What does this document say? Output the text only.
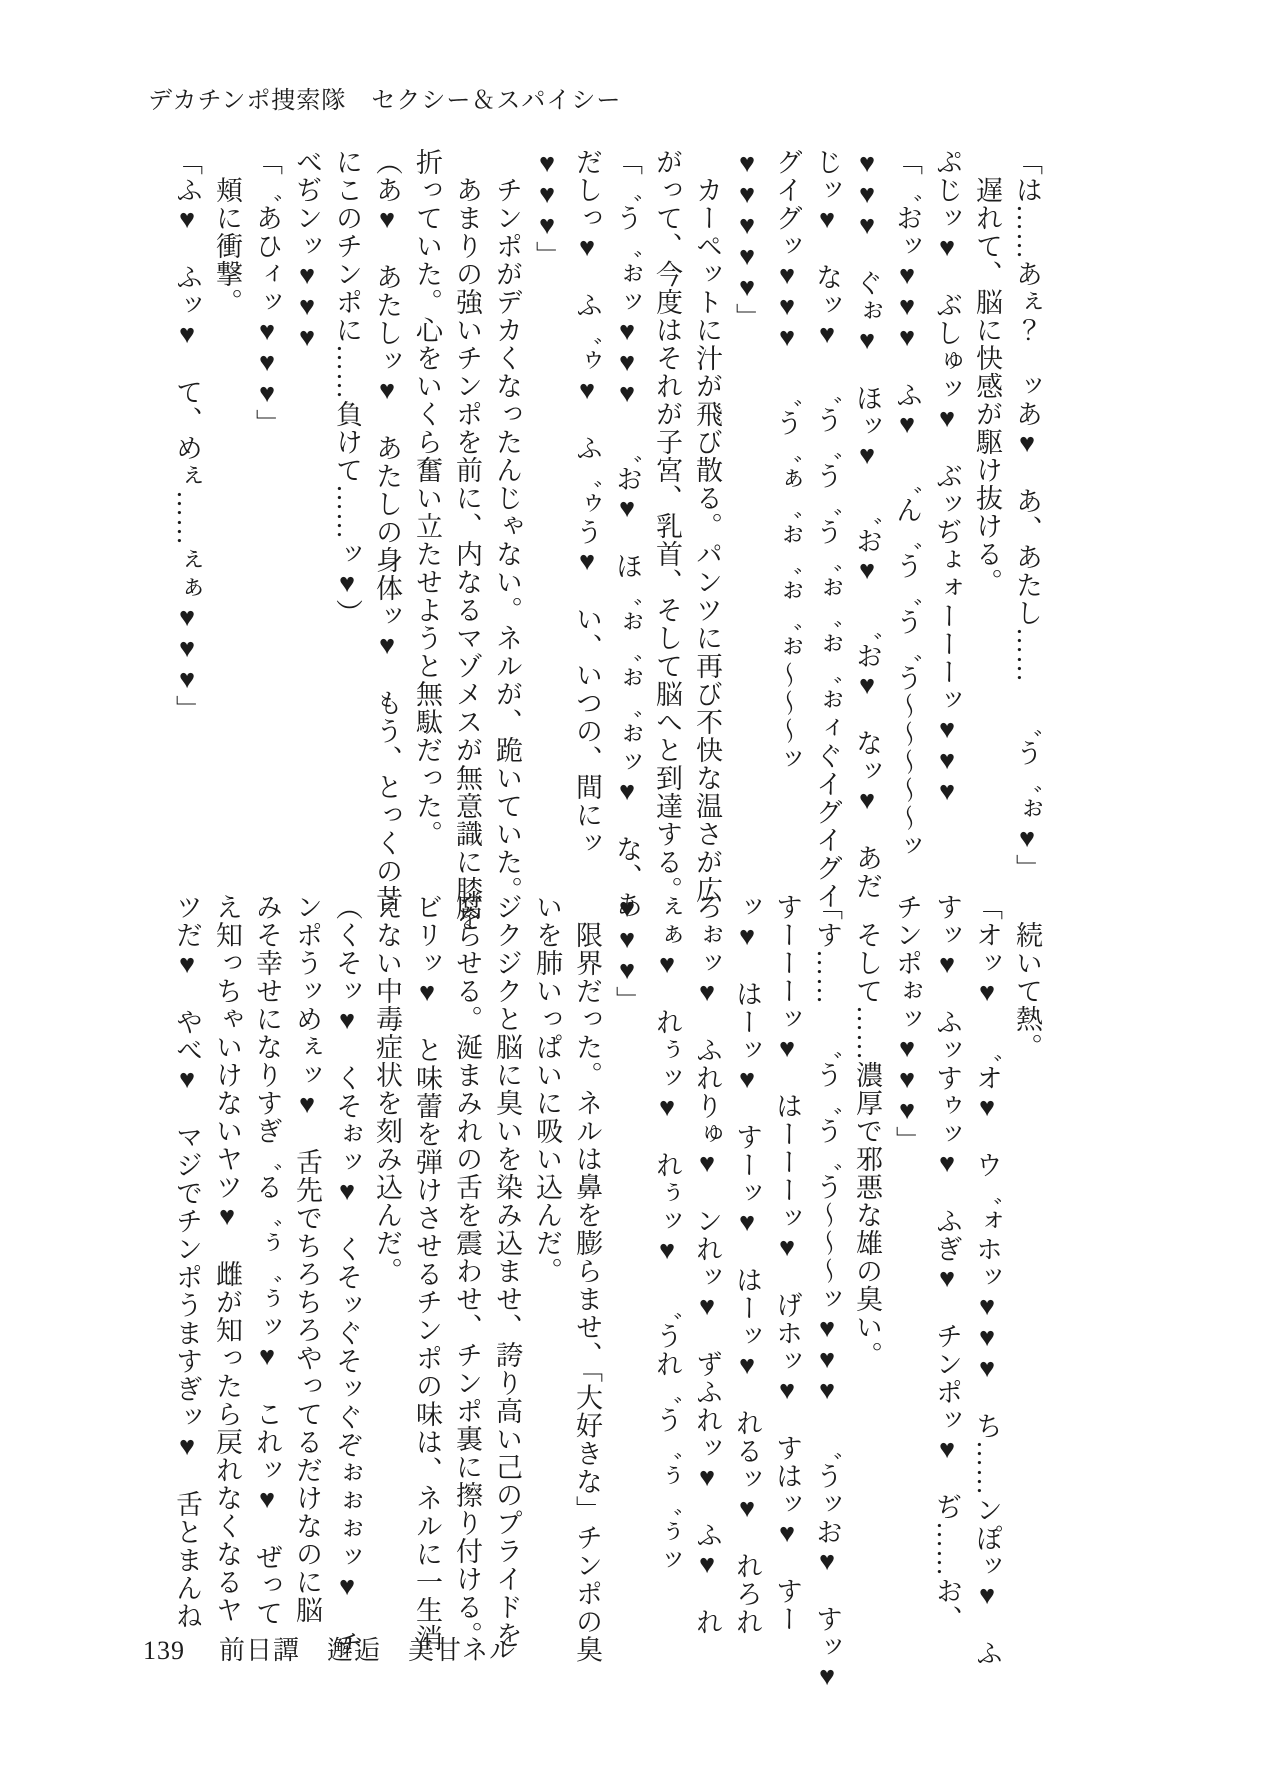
デカチンポ捜索隊　セクシー＆スパイシー
「は……あぇ？　ッあ♥　あ、あたし……　゛う゛ぉ♥」
　遅れて、脳に快感が駆け抜ける。
ぷじッ♥　ぶしゅッ♥　ぶッぢょォーーーッ♥♥♥
「゛おッ♥♥♥　ふ♥　゛ん゛う゛う゛う〜〜〜〜〜ッ
♥♥♥　ぐぉ♥　ほッ♥　゛お♥　゛お♥　なッ♥　あだ
じッ♥　なッ♥　゛う゛う゛う゛ぉ゛ぉ゛ぉィぐイグイグイ
グイグッ♥♥♥　゛う゛ぁ゛ぉ゛ぉ゛ぉ〜〜〜ッ
♥♥♥♥♥」
　カーペットに汁が飛び散る。パンツに再び不快な温さが広
がって、今度はそれが子宮、乳首、そして脳へと到達する。
「゛う゛ぉッ♥♥♥　゛お♥　ほ゛ぉ゛ぉ゛ぉッ♥　な、あ
だしっ♥　ふ゛ゥ♥　ふ゛ゥう♥　い、いつの、間にッ
♥♥♥」
　チンポがデカくなったんじゃない。ネルが、跪いていた。
　あまりの強いチンポを前に、内なるマゾメスが無意識に膝を
折っていた。心をいくら奮い立たせようと無駄だった。
（あ♥　あたしッ♥　あたしの身体ッ♥　もう、とっくの昔
にこのチンポに……負けて……ッ♥）
べぢンッ♥♥♥
「゛あひィッ♥♥♥」
　頬に衝撃。
「ふ♥　ふッ♥　て、めぇ……ぇぁ♥♥♥」
　続いて熱。
「オッ♥　゛オ♥　ウ゛ォホッ♥♥♥　ち……ンぽッ♥　ふ
すッ♥　ふッすゥッ♥　ふぎ♥　チンポッ♥　ぢ……お、
チンポぉッ♥♥♥」
　そして……濃厚で邪悪な雄の臭い。
「す……　゛う゛う゛う〜〜〜ッ♥♥♥　゛うッお♥　すッ♥
すーーーッ♥　はーーーッ♥　げホッ♥　すはッ♥　すー
ッ♥　はーッ♥　すーッ♥　はーッ♥　れるッ♥　れろれ
ろぉッ♥　ふれりゅ♥　ンれッ♥　ずふれッ♥　ふ♥　れ
ぇぁ♥　れぅッ♥　れぅッ♥　゛うれ゛う゛ぅ゛ぅッ
♥♥♥」
　限界だった。ネルは鼻を膨らませ、「大好きな」チンポの臭
いを肺いっぱいに吸い込んだ。
ジクジクと脳に臭いを染み込ませ、誇り高い己のプライドを
腐らせる。涎まみれの舌を震わせ、チンポ裏に擦り付ける。
ビリッ♥　と味蕾を弾けさせるチンポの味は、ネルに一生消
えない中毒症状を刻み込んだ。
（くそッ♥　くそぉッ♥　くそッぐそッぐぞぉぉぉッ♥　チ
ンポうッめぇッ♥　舌先でちろちろやってるだけなのに脳
みそ幸せになりすぎ゛る゛ぅ゛ぅッ♥　これッ♥　ぜって
え知っちゃいけないヤツ♥　雌が知ったら戻れなくなるヤ
ツだ♥　やべ♥　マジでチンポうますぎッ♥　舌とまんね
139 前日譚　邂逅　美甘ネル
